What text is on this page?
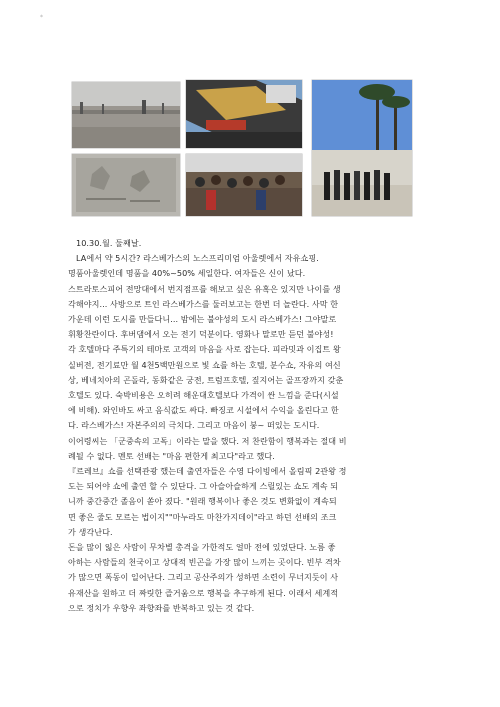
*

10.30.월. 둘째날.

LA에서 약 5시간? 라스베가스의 노스프리미엄 아울렛에서 자유쇼핑.

명품아울렛인데 명품을 40%~50% 세일한다. 여자들은 신이 났다.

스트라토스피어 전망대에서 번지점프를 해보고 싶은 유혹은 있지만 나이를 생

각해야지... 사방으로 트인 라스베가스를 둘러보고는 한번 더 놀란다. 사막 한

가운데 이런 도시를 만들다니... 밤에는 불야성의 도시 라스베가스! 그야말로

휘황찬란이다. 후버댐에서 오는 전기 덕분이다. 영화나 말로만 듣던 불야성!

각 호텔마다 주특기의 테마로 고객의 마음을 사로 잡는다. 피라밋과 이집트 왕

실버전, 전기료만 월 4천5백만원으로 빛 쇼를 하는 호텔, 분수쇼, 자유의 여신

상, 베네치아의 곤돌라, 동화같은 궁전, 트럼프호텔, 짚지어는 골프장까지 갖춘

호텔도 있다. 숙박비용은 오히려 해운대호텔보다 가격이 싼 느낌을 준다(시설

에 비해). 와인바도 싸고 음식값도 싸다. 빠징코 시설에서 수익을 올린다고 한

다. 라스베가스! 자본주의의 극치다. 그리고 마음이 붕~ 떠있는 도시다.

이어령씨는 「군중속의 고독」이라는 말을 했다. 저 찬란함이 행복과는 절대 비

례될 수 없다. 멘토 선배는 "마음 편한게 최고다"라고 했다.

『르레브』쇼를 선택관광 했는데 출연자들은 수영 다이빙에서 올림픽 2관왕 정

도는 되어야 쇼에 출연 할 수 있단다. 그 아슬아슬하게 스릴있는 쇼도 계속 되

니까 중간중간 졸음이 쏟아 졌다. "원래 행복이나 좋은 것도 변화없이 계속되

면 좋은 줄도 모르는 법이지""마누라도 마찬가지데이"라고 하던 선배의 조크

가 생각난다.

돈을 많이 잃은 사람이 무차별 총격을 가한적도 얼마 전에 있었단다. 노름 좋

아하는 사람들의 천국이고 상대적 빈곤을 가장 많이 느끼는 곳이다. 빈부 격차

가 많으면 폭동이 일어난다. 그리고 공산주의가 성하면 소련이 무너지듯이 사

유재산을 원하고 더 짜릿한 즐거움으로 행복을 추구하게 된다. 이래서 세계적

으로 정치가 우향우 좌향좌를 반복하고 있는 것 같다.
